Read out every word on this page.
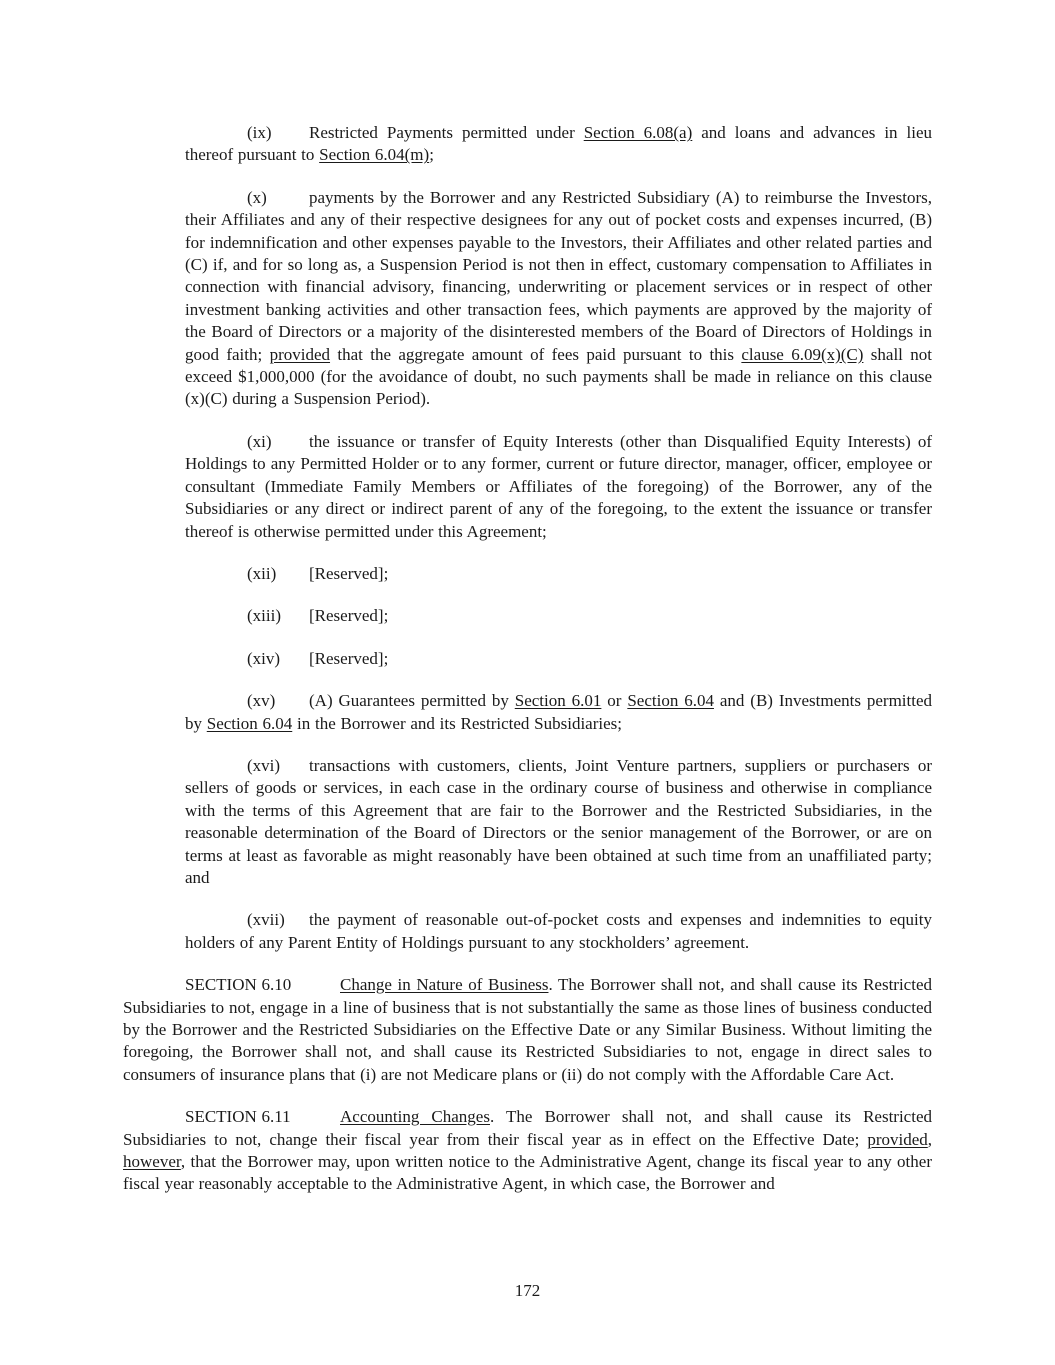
(ix) Restricted Payments permitted under Section 6.08(a) and loans and advances in lieu thereof pursuant to Section 6.04(m);

(x) payments by the Borrower and any Restricted Subsidiary (A) to reimburse the Investors, their Affiliates and any of their respective designees for any out of pocket costs and expenses incurred, (B) for indemnification and other expenses payable to the Investors, their Affiliates and other related parties and (C) if, and for so long as, a Suspension Period is not then in effect, customary compensation to Affiliates in connection with financial advisory, financing, underwriting or placement services or in respect of other investment banking activities and other transaction fees, which payments are approved by the majority of the Board of Directors or a majority of the disinterested members of the Board of Directors of Holdings in good faith; provided that the aggregate amount of fees paid pursuant to this clause 6.09(x)(C) shall not exceed $1,000,000 (for the avoidance of doubt, no such payments shall be made in reliance on this clause (x)(C) during a Suspension Period).

(xi) the issuance or transfer of Equity Interests (other than Disqualified Equity Interests) of Holdings to any Permitted Holder or to any former, current or future director, manager, officer, employee or consultant (Immediate Family Members or Affiliates of the foregoing) of the Borrower, any of the Subsidiaries or any direct or indirect parent of any of the foregoing, to the extent the issuance or transfer thereof is otherwise permitted under this Agreement;

(xii) [Reserved];

(xiii) [Reserved];

(xiv) [Reserved];

(xv) (A) Guarantees permitted by Section 6.01 or Section 6.04 and (B) Investments permitted by Section 6.04 in the Borrower and its Restricted Subsidiaries;

(xvi) transactions with customers, clients, Joint Venture partners, suppliers or purchasers or sellers of goods or services, in each case in the ordinary course of business and otherwise in compliance with the terms of this Agreement that are fair to the Borrower and the Restricted Subsidiaries, in the reasonable determination of the Board of Directors or the senior management of the Borrower, or are on terms at least as favorable as might reasonably have been obtained at such time from an unaffiliated party; and

(xvii) the payment of reasonable out-of-pocket costs and expenses and indemnities to equity holders of any Parent Entity of Holdings pursuant to any stockholders’ agreement.

SECTION 6.10	Change in Nature of Business. The Borrower shall not, and shall cause its Restricted Subsidiaries to not, engage in a line of business that is not substantially the same as those lines of business conducted by the Borrower and the Restricted Subsidiaries on the Effective Date or any Similar Business. Without limiting the foregoing, the Borrower shall not, and shall cause its Restricted Subsidiaries to not, engage in direct sales to consumers of insurance plans that (i) are not Medicare plans or (ii) do not comply with the Affordable Care Act.

SECTION 6.11	Accounting Changes. The Borrower shall not, and shall cause its Restricted Subsidiaries to not, change their fiscal year from their fiscal year as in effect on the Effective Date; provided, however, that the Borrower may, upon written notice to the Administrative Agent, change its fiscal year to any other fiscal year reasonably acceptable to the Administrative Agent, in which case, the Borrower and

172
